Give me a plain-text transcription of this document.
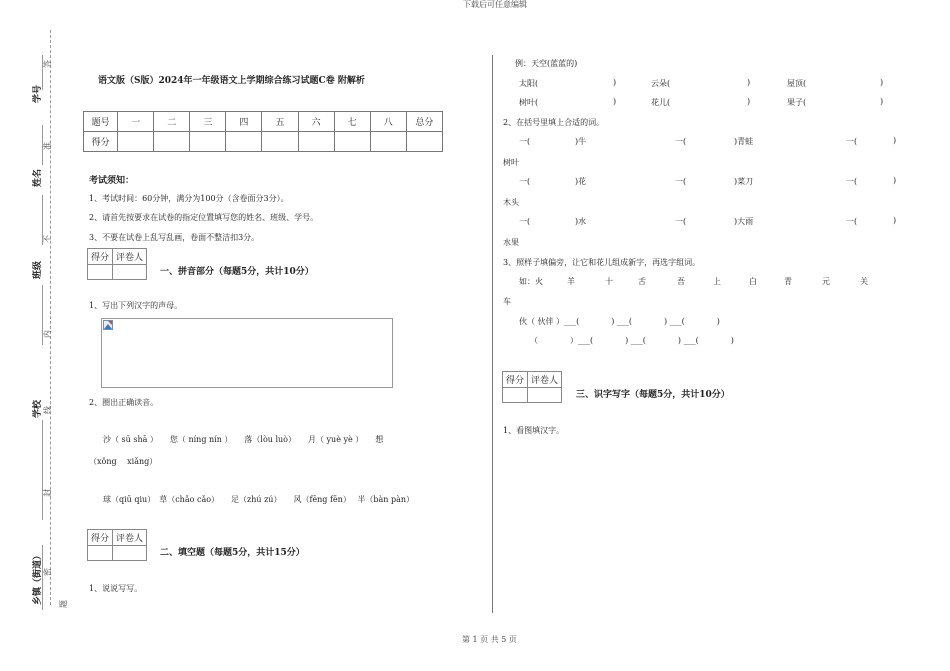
下载后可任意编辑
学号
姓名
班级
学校
乡镇（街道）
答
准
不
内
线
封
密
题
语文版（S版）2024年一年级语文上学期综合练习试题C卷 附解析
题号	一	二	三	四	五	六	七	八	总分
得分									
考试须知：
1、考试时间：60分钟，满分为100分（含卷面分3分）。
2、请首先按要求在试卷的指定位置填写您的姓名、班级、学号。
3、不要在试卷上乱写乱画，卷面不整洁扣3分。
得分	评卷人

一、拼音部分（每题5分，共计10分）
1、写出下列汉字的声母。
2、圈出正确读音。
沙（ sū shā ）　　您（ níng nín ）　　落（lòu luò）　　月（ yuè yè ）　　想
（xǒng　 xiǎng）
球（qiū qiu）　草（chǎo cǎo）　　足（zhú zú）　　风（fēng fēn）　 半（bàn pàn）
得分	评卷人

二、填空题（每题5分，共计15分）
1、说说写写。
例：天空(蓝蓝的)
太阳(	)	云朵(	)	屋顶(	)
树叶(	)	花儿(	)	果子(	)
2、在括号里填上合适的词。
一(	)牛	一(	)青蛙	一(	)
树叶
一(	)花	一(	)菜刀	一(	)
木头
一(	)水	一(	)大雨	一(	)
水果
3、照样子填偏旁，让它和花儿组成新字，再选字组词。
如：火	羊	十	舌	吾	上	白	青	元	关
车
伙（ 伙伴 ）___(　　　　) ___(　　　　) ___(　　　　)
（　　　　）___(　　　　) ___(　　　　) ___(　　　　)
得分	评卷人

三、识字写字（每题5分，共计10分）
1、看图填汉字。
第 1 页 共 5 页
